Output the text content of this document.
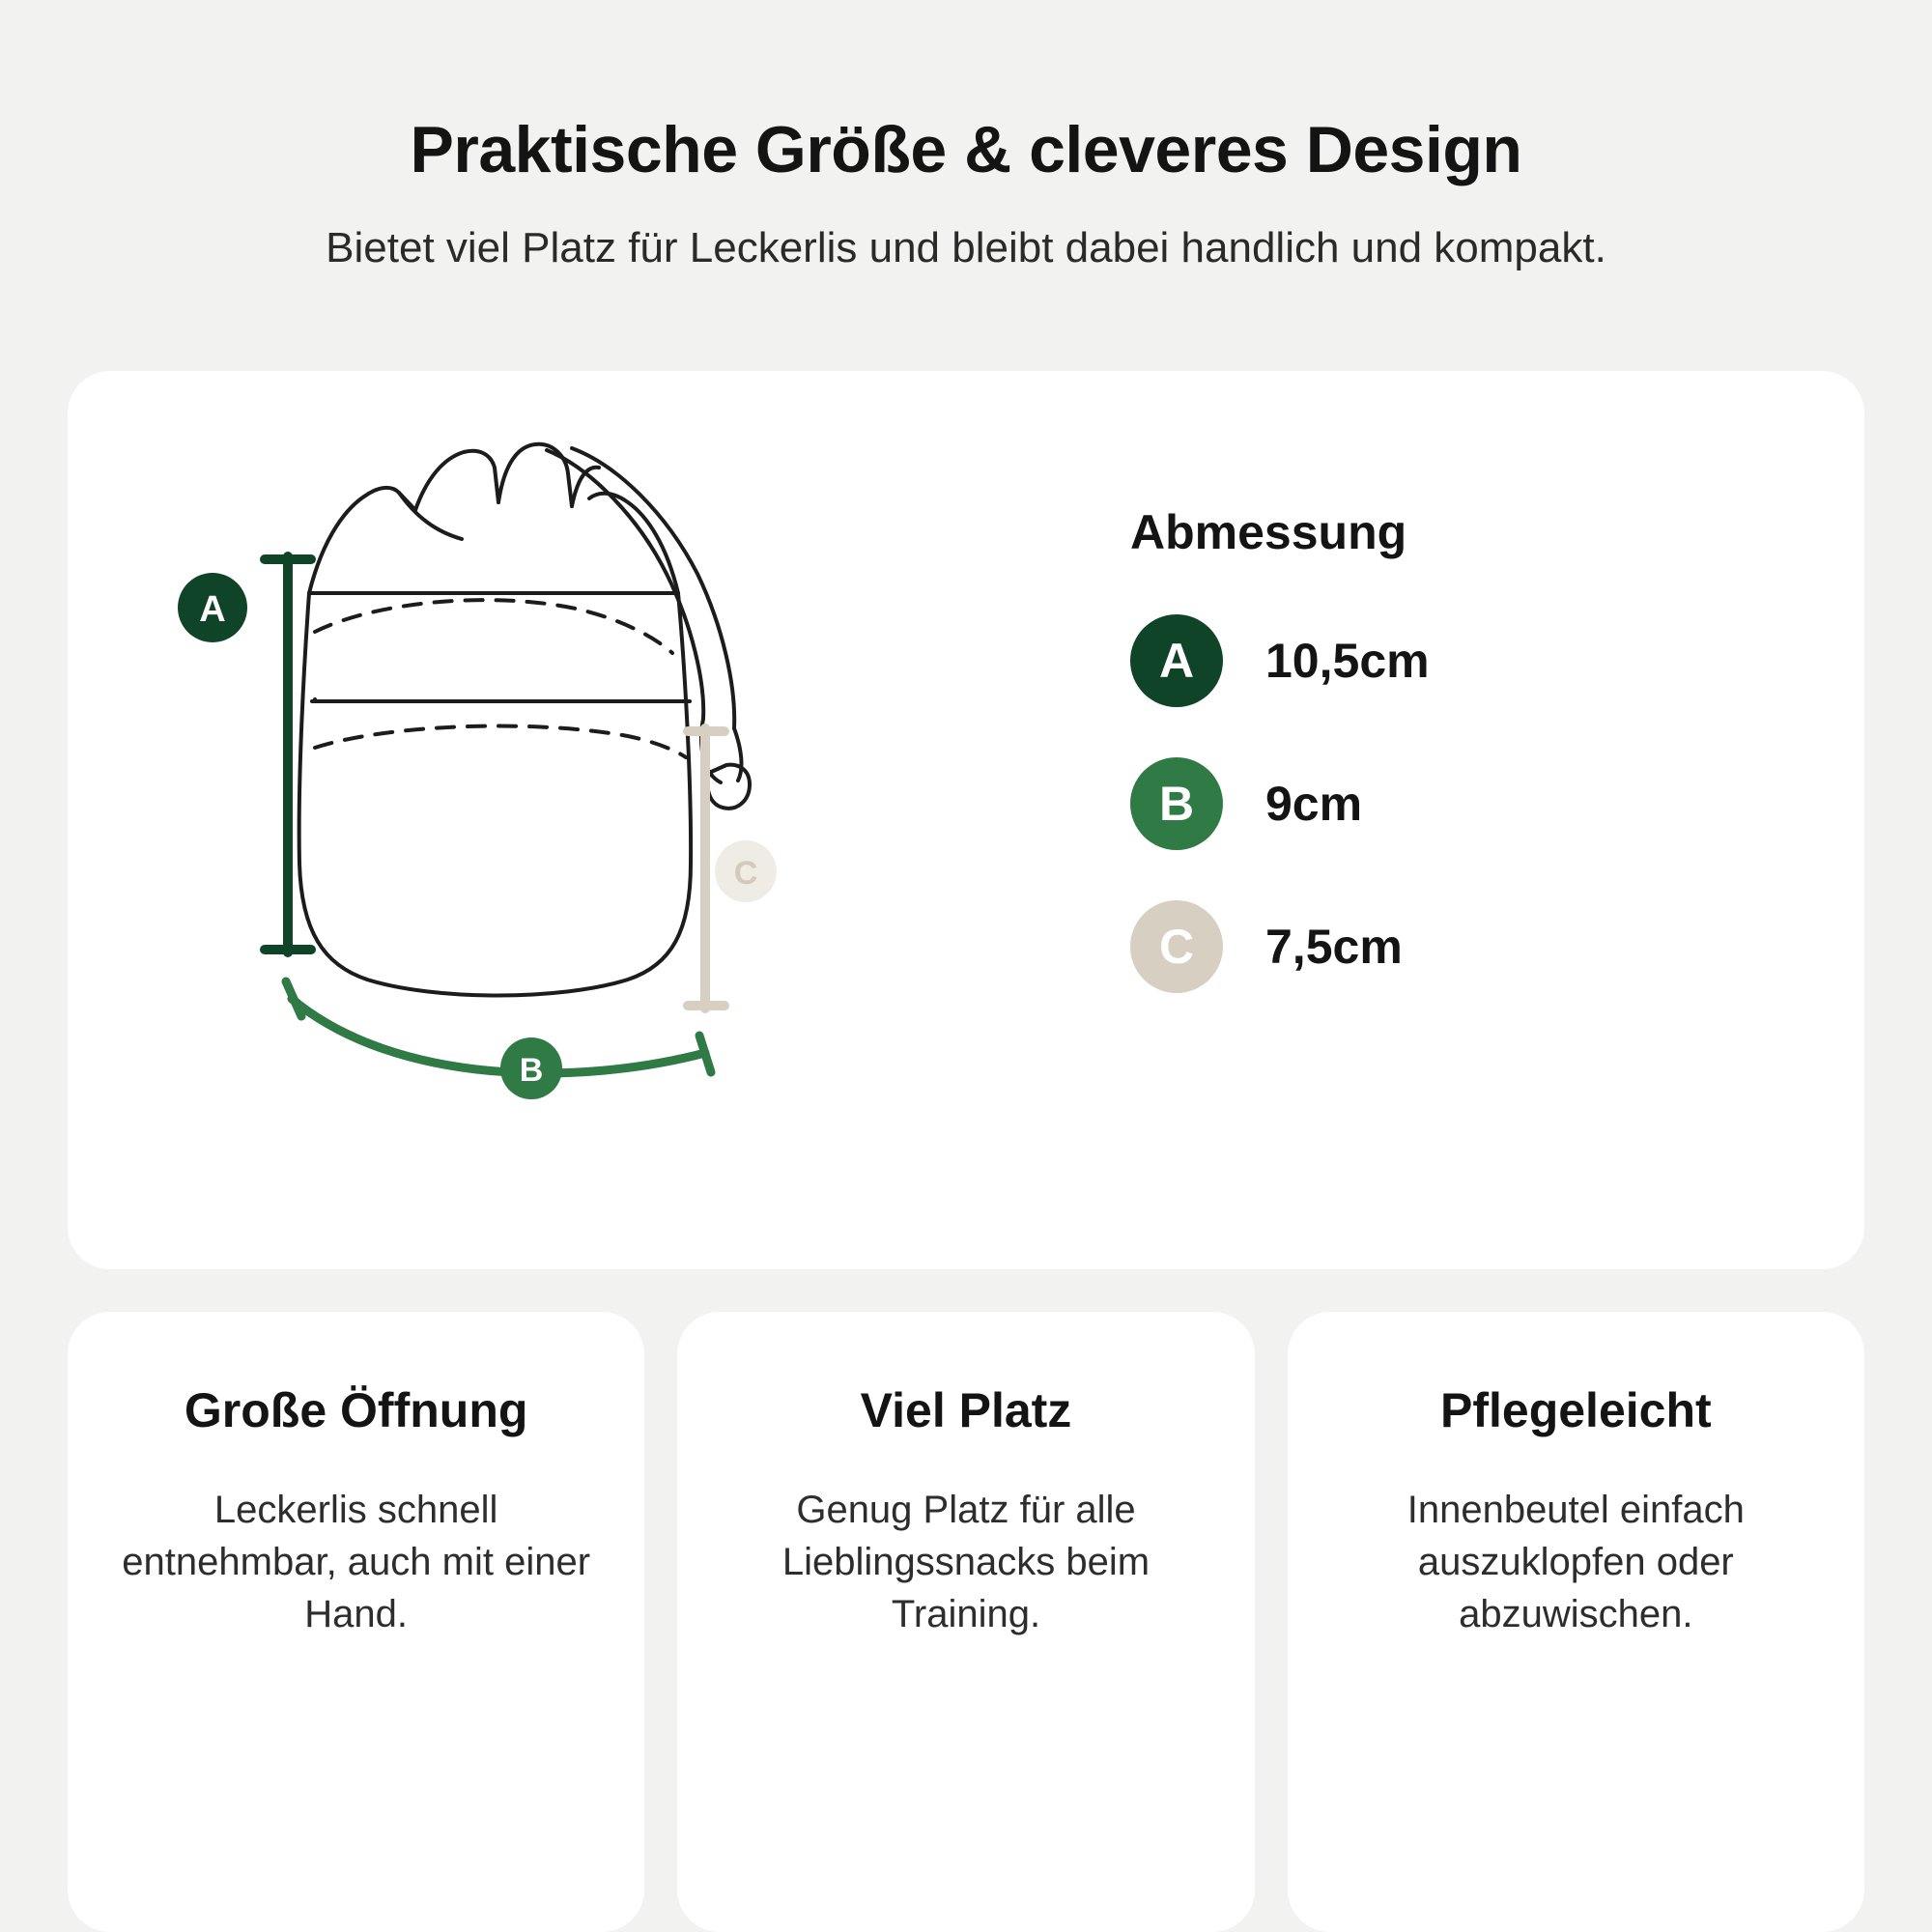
Praktische Größe & cleveres Design

Bietet viel Platz für Leckerlis und bleibt dabei handlich und kompakt.

A
C
B
Abmessung
A	10,5cm
B	9cm
C	7,5cm
Große Öffnung

Leckerlis schnell entnehmbar, auch mit einer Hand.

Viel Platz

Genug Platz für alle Lieblingssnacks beim Training.

Pflegeleicht

Innenbeutel einfach auszuklopfen oder abzuwischen.
